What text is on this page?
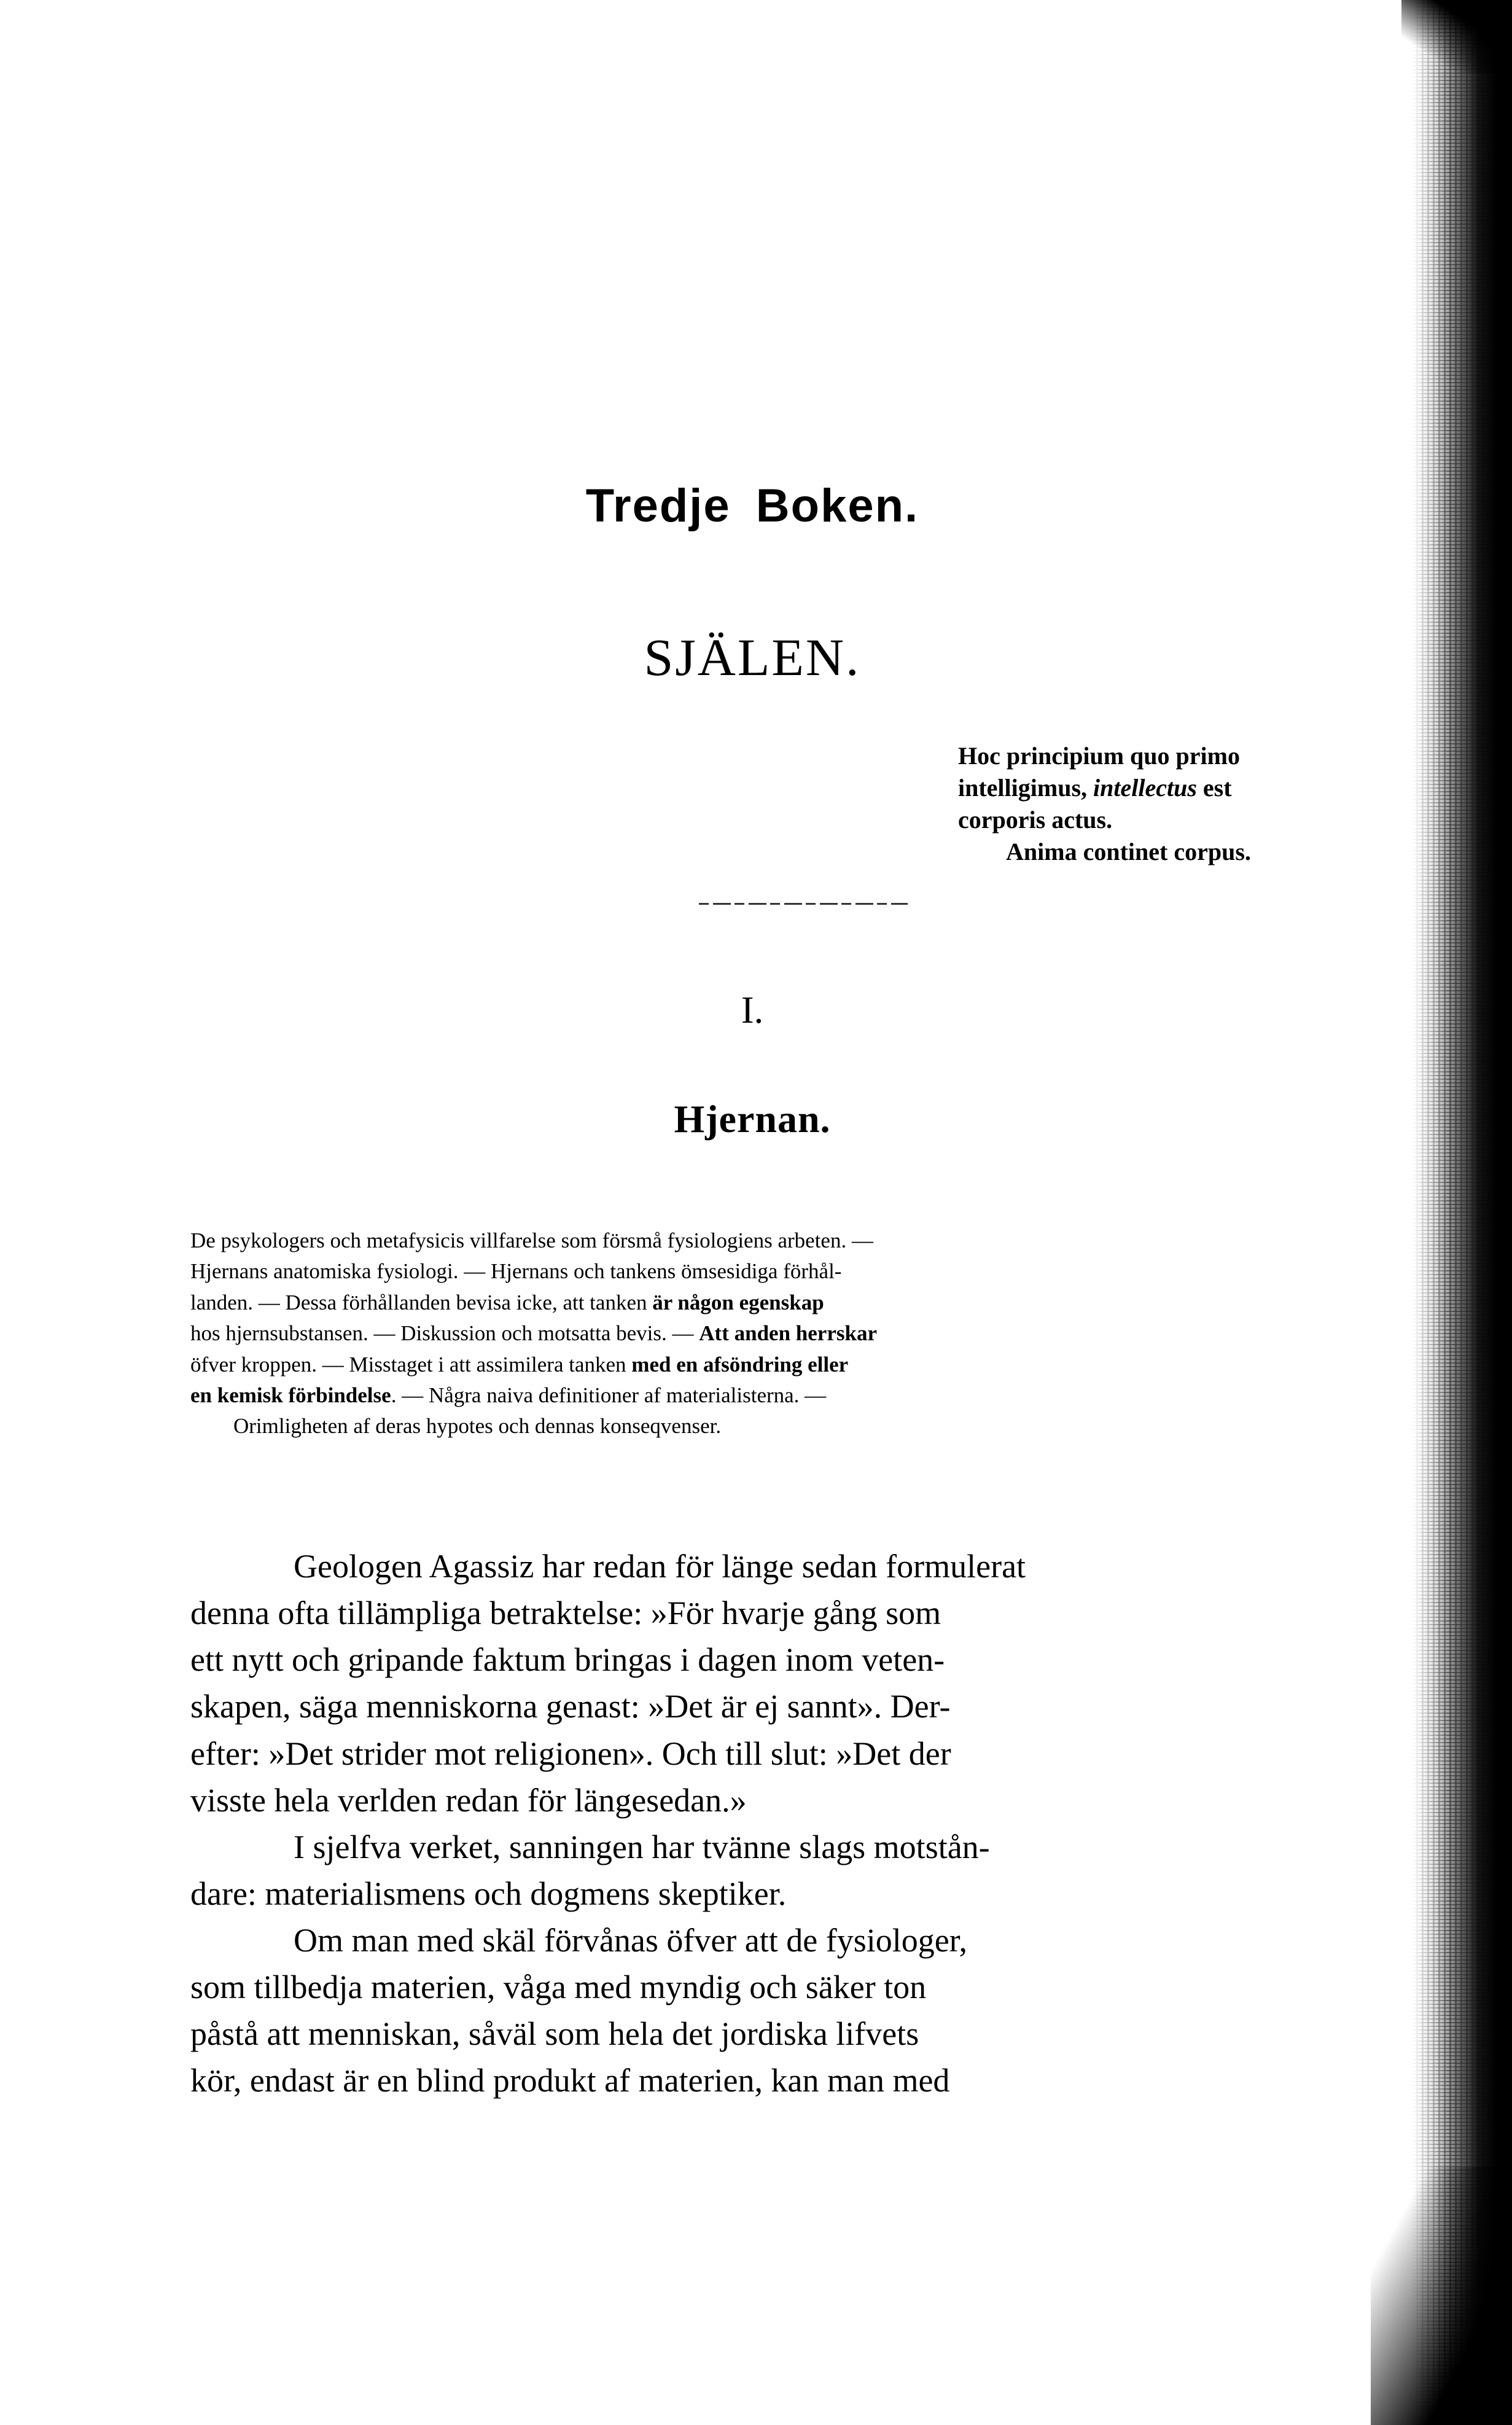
Tredje Boken.
SJÄLEN.
Hoc principium quo primo
intelligimus, intellectus est
corporis actus.
Anima continet corpus.
I.
Hjernan.
De psykologers och metafysicis villfarelse som försmå fysiologiens arbeten. —
Hjernans anatomiska fysiologi. — Hjernans och tankens ömsesidiga förhål-
landen. — Dessa förhållanden bevisa icke, att tanken är någon egenskap
hos hjernsubstansen. — Diskussion och motsatta bevis. — Att anden herrskar
öfver kroppen. — Misstaget i att assimilera tanken med en afsöndring eller
en kemisk förbindelse. — Några naiva definitioner af materialisterna. —
Orimligheten af deras hypotes och dennas konseqvenser.

Geologen Agassiz har redan för länge sedan formulerat
denna ofta tillämpliga betraktelse: »För hvarje gång som
ett nytt och gripande faktum bringas i dagen inom veten-
skapen, säga menniskorna genast: »Det är ej sannt». Der-
efter: »Det strider mot religionen». Och till slut: »Det der
visste hela verlden redan för längesedan.»

I sjelfva verket, sanningen har tvänne slags motstån-
dare: materialismens och dogmens skeptiker.

Om man med skäl förvånas öfver att de fysiologer,
som tillbedja materien, våga med myndig och säker ton
påstå att menniskan, såväl som hela det jordiska lifvets
kör, endast är en blind produkt af materien, kan man med
